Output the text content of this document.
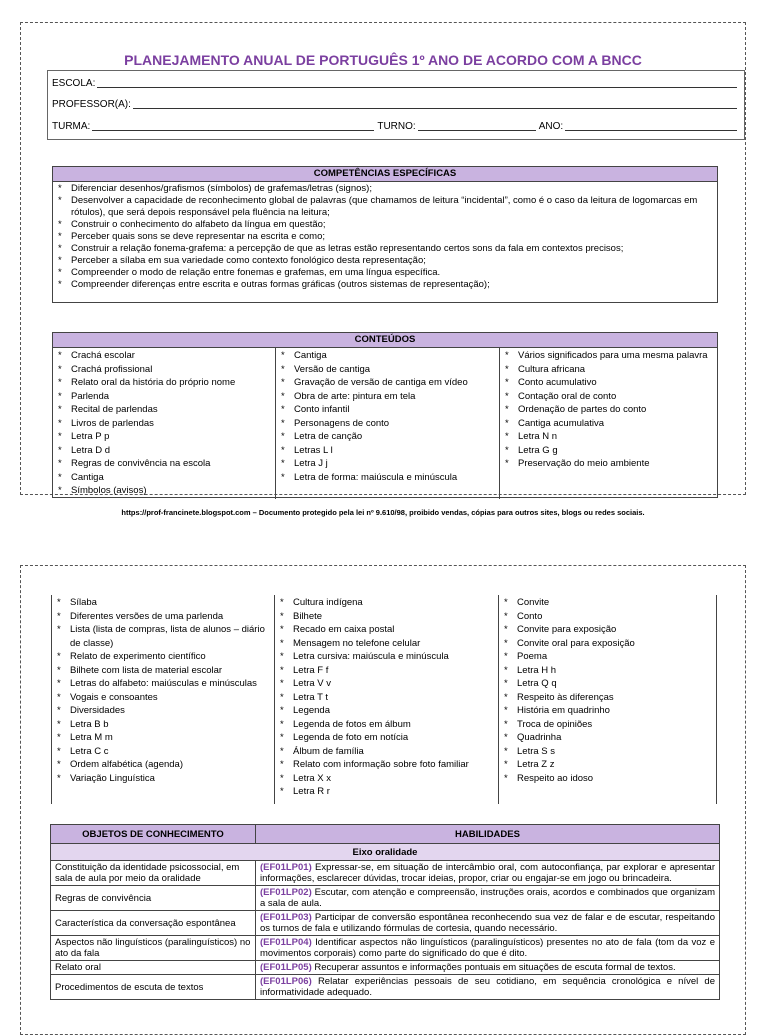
PLANEJAMENTO ANUAL DE PORTUGUÊS 1º ANO DE ACORDO COM A BNCC
ESCOLA:
PROFESSOR(A):
TURMA:	TURNO:	ANO:
COMPETÊNCIAS ESPECÍFICAS
* Diferenciar desenhos/grafismos (símbolos) de grafemas/letras (signos);
* Desenvolver a capacidade de reconhecimento global de palavras (que chamamos de leitura “incidental”, como é o caso da leitura de logomarcas em rótulos), que será depois responsável pela fluência na leitura;
* Construir o conhecimento do alfabeto da língua em questão;
* Perceber quais sons se deve representar na escrita e como;
* Construir a relação fonema-grafema: a percepção de que as letras estão representando certos sons da fala em contextos precisos;
* Perceber a sílaba em sua variedade como contexto fonológico desta representação;
* Compreender o modo de relação entre fonemas e grafemas, em uma língua específica.
* Compreender diferenças entre escrita e outras formas gráficas (outros sistemas de representação);
CONTEÚDOS
* Crachá escolar
* Crachá profissional
* Relato oral da história do próprio nome
* Parlenda
* Recital de parlendas
* Livros de parlendas
* Letra P p
* Letra D d
* Regras de convivência na escola
* Cantiga
* Símbolos (avisos)
* Cantiga
* Versão de cantiga
* Gravação de versão de cantiga em vídeo
* Obra de arte: pintura em tela
* Conto infantil
* Personagens de conto
* Letra de canção
* Letras L l
* Letra J j
* Letra de forma: maiúscula e minúscula
* Vários significados para uma mesma palavra
* Cultura africana
* Conto acumulativo
* Contação oral de conto
* Ordenação de partes do conto
* Cantiga acumulativa
* Letra N n
* Letra G g
* Preservação do meio ambiente
https://prof-francinete.blogspot.com – Documento protegido pela lei nº 9.610/98, proibido vendas, cópias para outros sites, blogs ou redes sociais.
* Sílaba
* Diferentes versões de uma parlenda
* Lista (lista de compras, lista de alunos – diário de classe)
* Relato de experimento científico
* Bilhete com lista de material escolar
* Letras do alfabeto: maiúsculas e minúsculas
* Vogais e consoantes
* Diversidades
* Letra B b
* Letra M m
* Letra C c
* Ordem alfabética (agenda)
* Variação Linguística
* Cultura indígena
* Bilhete
* Recado em caixa postal
* Mensagem no telefone celular
* Letra cursiva: maiúscula e minúscula
* Letra F f
* Letra V v
* Letra T t
* Legenda
* Legenda de fotos em álbum
* Legenda de foto em notícia
* Álbum de família
* Relato com informação sobre foto familiar
* Letra X x
* Letra R r
* Convite
* Conto
* Convite para exposição
* Convite oral para exposição
* Poema
* Letra H h
* Letra Q q
* Respeito às diferenças
* História em quadrinho
* Troca de opiniões
* Quadrinha
* Letra S s
* Letra Z z
* Respeito ao idoso
OBJETOS DE CONHECIMENTO	HABILIDADES
Eixo oralidade	
Constituição da identidade psicossocial, em sala de aula por meio da oralidade	(EF01LP01) Expressar-se, em situação de intercâmbio oral, com autoconfiança, par explorar e apresentar informações, esclarecer dúvidas, trocar ideias, propor, criar ou engajar-se em jogo ou brincadeira.
Regras de convivência	(EF01LP02) Escutar, com atenção e compreensão, instruções orais, acordos e combinados que organizam a sala de aula.
Característica da conversação espontânea	(EF01LP03) Participar de conversão espontânea reconhecendo sua vez de falar e de escutar, respeitando os turnos de fala e utilizando fórmulas de cortesia, quando necessário.
Aspectos não linguísticos (paralinguísticos) no ato da fala	(EF01LP04) Identificar aspectos não linguísticos (paralinguísticos) presentes no ato de fala (tom da voz e movimentos corporais) como parte do significado do que é dito.
Relato oral	(EF01LP05) Recuperar assuntos e informações pontuais em situações de escuta formal de textos.
Procedimentos de escuta de textos	(EF01LP06) Relatar experiências pessoais de seu cotidiano, em sequência cronológica e nível de informatividade adequado.
